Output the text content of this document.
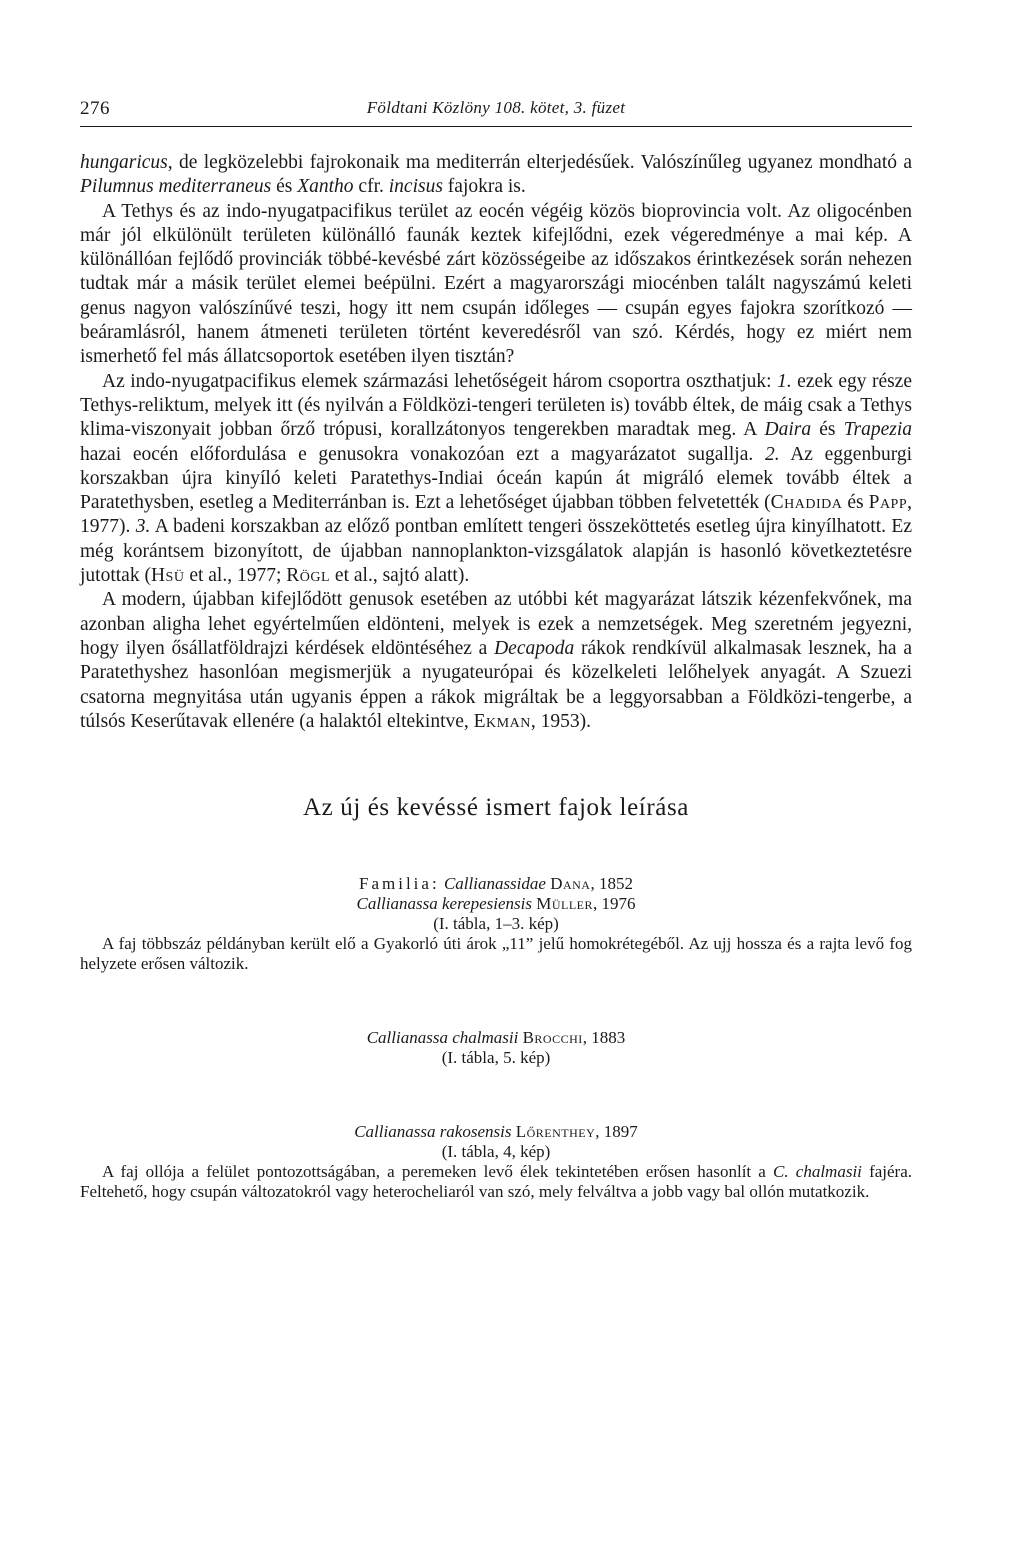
276	Földtani Közlöny 108. kötet, 3. füzet

hungaricus, de legközelebbi fajrokonaik ma mediterrán elterjedésűek. Valószínűleg ugyanez mondható a Pilumnus mediterraneus és Xantho cfr. incisus fajokra is.

A Tethys és az indo-nyugatpacifikus terület az eocén végéig közös bioprovincia volt. Az oligocénben már jól elkülönült területen különálló faunák keztek kifejlődni, ezek végeredménye a mai kép. A különállóan fejlődő provinciák többé-kevésbé zárt közösségeibe az időszakos érintkezések során nehezen tudtak már a másik terület elemei beépülni. Ezért a magyarországi miocénben talált nagyszámú keleti genus nagyon valószínűvé teszi, hogy itt nem csupán időleges — csupán egyes fajokra szorítkozó — beáramlásról, hanem átmeneti területen történt keveredésről van szó. Kérdés, hogy ez miért nem ismerhető fel más állatcsoportok esetében ilyen tisztán?

Az indo-nyugatpacifikus elemek származási lehetőségeit három csoportra oszthatjuk: 1. ezek egy része Tethys-reliktum, melyek itt (és nyilván a Földközi-tengeri területen is) tovább éltek, de máig csak a Tethys klima-viszonyait jobban őrző trópusi, korallzátonyos tengerekben maradtak meg. A Daira és Trapezia hazai eocén előfordulása e genusokra vonakozóan ezt a magyarázatot sugallja. 2. Az eggenburgi korszakban újra kinyíló keleti Paratethys-Indiai óceán kapún át migráló elemek tovább éltek a Paratethysben, esetleg a Mediterránban is. Ezt a lehetőséget újabban többen felvetették (Chadida és Papp, 1977). 3. A badeni korszakban az előző pontban említett tengeri összeköttetés esetleg újra kinyílhatott. Ez még korántsem bizonyított, de újabban nannoplankton-vizsgálatok alapján is hasonló következtetésre jutottak (Hsü et al., 1977; Rögl et al., sajtó alatt).

A modern, újabban kifejlődött genusok esetében az utóbbi két magyarázat látszik kézenfekvőnek, ma azonban aligha lehet egyértelműen eldönteni, melyek is ezek a nemzetségek. Meg szeretném jegyezni, hogy ilyen ősállatföldrajzi kérdések eldöntéséhez a Decapoda rákok rendkívül alkalmasak lesznek, ha a Paratethyshez hasonlóan megismerjük a nyugateurópai és közelkeleti lelőhelyek anyagát. A Szuezi csatorna megnyitása után ugyanis éppen a rákok migráltak be a leggyorsabban a Földközi-tengerbe, a túlsós Keserűtavak ellenére (a halaktól eltekintve, Ekman, 1953).

Az új és kevéssé ismert fajok leírása
Familia: Callianassidae Dana, 1852
Callianassa kerepesiensis Müller, 1976
(I. tábla, 1–3. kép)
A faj többszáz példányban került elő a Gyakorló úti árok „11” jelű homokrétegéből. Az ujj hossza és a rajta levő fog helyzete erősen változik.
Callianassa chalmasii Brocchi, 1883
(I. tábla, 5. kép)
Callianassa rakosensis Lőrenthey, 1897
(I. tábla, 4, kép)
A faj ollója a felület pontozottságában, a peremeken levő élek tekintetében erősen hasonlít a C. chalmasii fajéra. Feltehető, hogy csupán változatokról vagy heterocheliaról van szó, mely felváltva a jobb vagy bal ollón mutatkozik.
